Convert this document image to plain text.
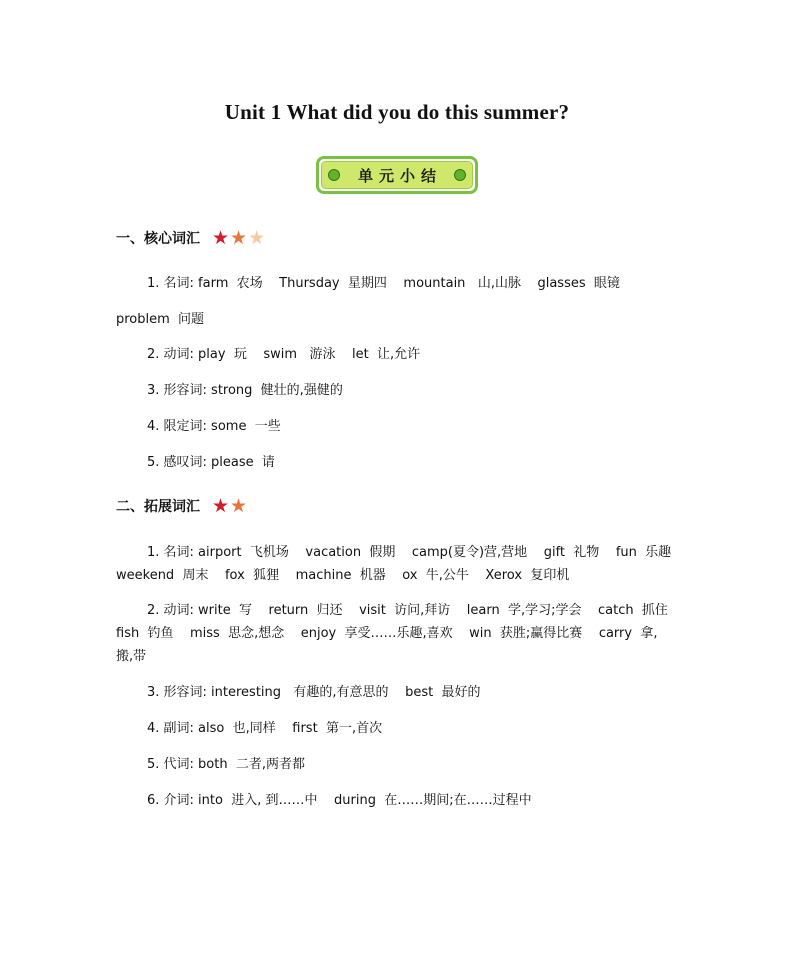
Unit 1 What did you do this summer?
单元小结
一、核心词汇 ★ ★ ★
1. 名词: farm  农场    Thursday  星期四    mountain   山,山脉    glasses  眼镜
problem  问题
2. 动词: play  玩    swim   游泳    let  让,允许
3. 形容词: strong  健壮的,强健的
4. 限定词: some  一些
5. 感叹词: please  请
二、拓展词汇 ★ ★
1. 名词: airport  飞机场    vacation  假期    camp(夏令)营,营地    gift  礼物    fun  乐趣
weekend  周末    fox  狐狸    machine  机器    ox  牛,公牛    Xerox  复印机
2. 动词: write  写    return  归还    visit  访问,拜访    learn  学,学习;学会    catch  抓住
fish  钓鱼    miss  思念,想念    enjoy  享受……乐趣,喜欢    win  获胜;赢得比赛    carry  拿,
搬,带
3. 形容词: interesting   有趣的,有意思的    best  最好的
4. 副词: also  也,同样    first  第一,首次
5. 代词: both  二者,两者都
6. 介词: into  进入, 到……中    during  在……期间;在……过程中
